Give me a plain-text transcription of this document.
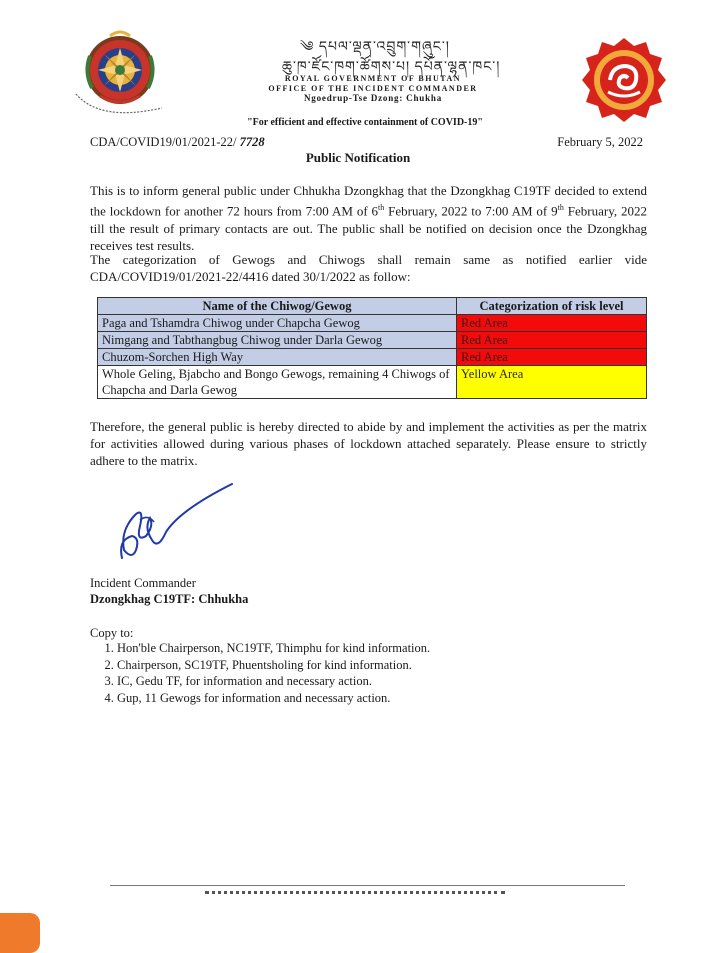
༄ དཔལ་ལྡན་འབྲུག་གཞུང་།
ཆུ་ཁ་ཛོང་ཁག་ཚོགས་པ། དཔོན་ལྷན་ཁང་།
ROYAL GOVERNMENT OF BHUTAN
OFFICE OF THE INCIDENT COMMANDER
Ngoedrup-Tse Dzong: Chukha
"For efficient and effective containment of COVID-19"
CDA/COVID19/01/2021-22/ 7728	February 5, 2022
Public Notification
This is to inform general public under Chhukha Dzongkhag that the Dzongkhag C19TF decided to extend the lockdown for another 72 hours from 7:00 AM of 6th February, 2022 to 7:00 AM of 9th February, 2022 till the result of primary contacts are out. The public shall be notified on decision once the Dzongkhag receives test results.
The categorization of Gewogs and Chiwogs shall remain same as notified earlier vide CDA/COVID19/01/2021-22/4416 dated 30/1/2022 as follow:
Name of the Chiwog/Gewog	Categorization of risk level
Paga and Tshamdra Chiwog under Chapcha Gewog	Red Area
Nimgang and Tabthangbug Chiwog under Darla Gewog	Red Area
Chuzom-Sorchen High Way	Red Area
Whole Geling, Bjabcho and Bongo Gewogs, remaining 4 Chiwogs of Chapcha and Darla Gewog	Yellow Area
Therefore, the general public is hereby directed to abide by and implement the activities as per the matrix for activities allowed during various phases of lockdown attached separately. Please ensure to strictly adhere to the matrix.
Incident Commander
Dzongkhag C19TF: Chhukha
Copy to:
1. Hon'ble Chairperson, NC19TF, Thimphu for kind information.
2. Chairperson, SC19TF, Phuentsholing for kind information.
3. IC, Gedu TF, for information and necessary action.
4. Gup, 11 Gewogs for information and necessary action.
